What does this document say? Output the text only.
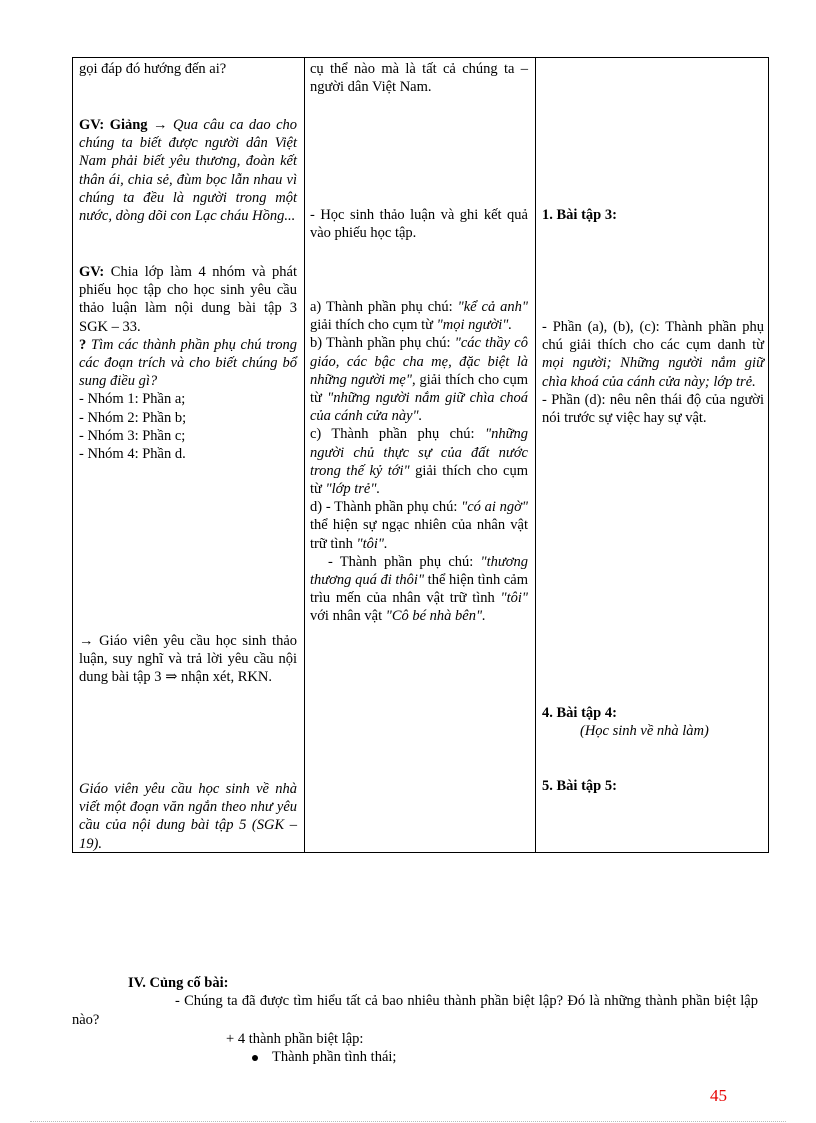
gọi đáp đó hướng đến ai?
GV: Giảng → Qua câu ca dao cho chúng ta biết được người dân Việt Nam phải biết yêu thương, đoàn kết thân ái, chia sẻ, đùm bọc lẫn nhau vì chúng ta đều là người trong một nước, dòng dõi con Lạc cháu Hồng...
GV: Chia lớp làm 4 nhóm và phát phiếu học tập cho học sinh yêu cầu thảo luận làm nội dung bài tập 3 SGK – 33.
? Tìm các thành phần phụ chú trong các đoạn trích và cho biết chúng bổ sung điều gì?
- Nhóm 1: Phần a;
- Nhóm 2: Phần b;
- Nhóm 3: Phần c;
- Nhóm 4: Phần d.
→ Giáo viên yêu cầu học sinh thảo luận, suy nghĩ và trả lời yêu cầu nội dung bài tập 3 ⇒ nhận xét, RKN.
Giáo viên yêu cầu học sinh về nhà viết một đoạn văn ngắn theo như yêu cầu của nội dung bài tập 5 (SGK – 19).
cụ thể nào mà là tất cả chúng ta – người dân Việt Nam.
- Học sinh thảo luận và ghi kết quả vào phiếu học tập.
a) Thành phần phụ chú: "kể cả anh" giải thích cho cụm từ "mọi người".
b) Thành phần phụ chú: "các thầy cô giáo, các bậc cha mẹ, đặc biệt là những người mẹ", giải thích cho cụm từ "những người nắm giữ chìa choá của cánh cửa này".
c) Thành phần phụ chú: "những người chủ thực sự của đất nước trong thế kỷ tới" giải thích cho cụm từ "lớp trẻ".
d) - Thành phần phụ chú: "có ai ngờ" thể hiện sự ngạc nhiên của nhân vật trữ tình "tôi".
- Thành phần phụ chú: "thương thương quá đi thôi" thể hiện tình cảm trìu mến của nhân vật trữ tình "tôi" với nhân vật "Cô bé nhà bên".
1. Bài tập 3:
- Phần (a), (b), (c): Thành phần phụ chú giải thích cho các cụm danh từ mọi người; Những người nắm giữ chìa khoá của cánh cửa này; lớp trẻ.
- Phần (d): nêu nên thái độ của người nói trước sự việc hay sự vật.
4. Bài tập 4:
(Học sinh về nhà làm)
5. Bài tập 5:
IV. Củng cố bài:
- Chúng ta đã được tìm hiểu tất cả bao nhiêu thành phần biệt lập? Đó là những thành phần biệt lập nào?
+ 4 thành phần biệt lập:
Thành phần tình thái;
45
